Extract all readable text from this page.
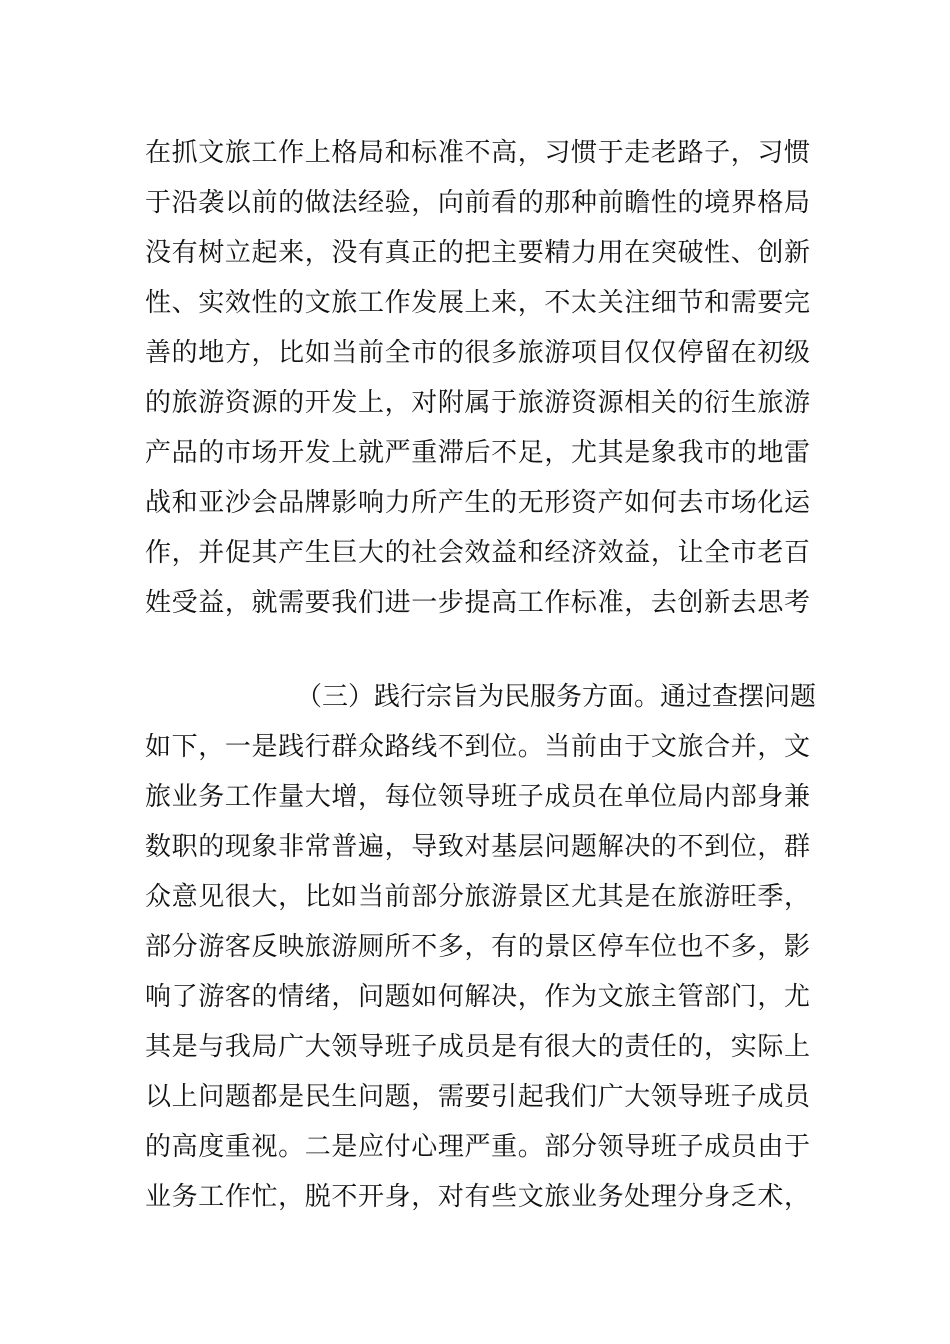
在抓文旅工作上格局和标准不高，习惯于走老路子，习惯
于沿袭以前的做法经验，向前看的那种前瞻性的境界格局
没有树立起来，没有真正的把主要精力用在突破性、创新
性、实效性的文旅工作发展上来，不太关注细节和需要完
善的地方，比如当前全市的很多旅游项目仅仅停留在初级
的旅游资源的开发上，对附属于旅游资源相关的衍生旅游
产品的市场开发上就严重滞后不足，尤其是象我市的地雷
战和亚沙会品牌影响力所产生的无形资产如何去市场化运
作，并促其产生巨大的社会效益和经济效益，让全市老百
姓受益，就需要我们进一步提高工作标准，去创新去思考
（三）践行宗旨为民服务方面。通过查摆问题
如下，一是践行群众路线不到位。当前由于文旅合并，文
旅业务工作量大增，每位领导班子成员在单位局内部身兼
数职的现象非常普遍，导致对基层问题解决的不到位，群
众意见很大，比如当前部分旅游景区尤其是在旅游旺季，
部分游客反映旅游厕所不多，有的景区停车位也不多，影
响了游客的情绪，问题如何解决，作为文旅主管部门，尤
其是与我局广大领导班子成员是有很大的责任的，实际上
以上问题都是民生问题，需要引起我们广大领导班子成员
的高度重视。二是应付心理严重。部分领导班子成员由于
业务工作忙，脱不开身，对有些文旅业务处理分身乏术，
